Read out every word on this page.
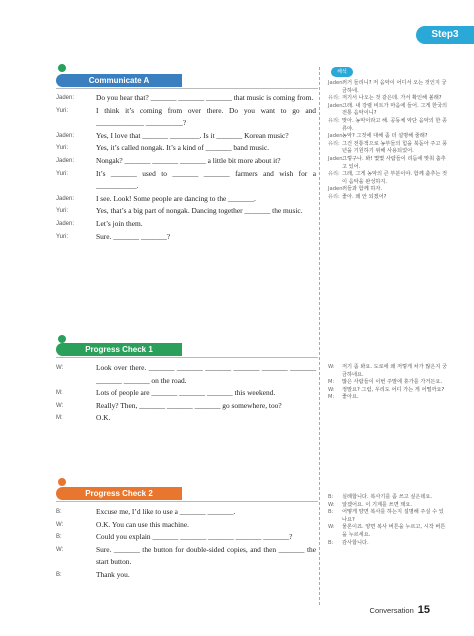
Step3
Communicate A
Jaden:	Do you hear that? _______ _______ _______ that music is coming from.
Yuri:	I think it’s coming from over there. Do you want to go and _____________ __________?
Jaden:	Yes, I love that _______ ________. Is it _______ Korean music?
Yuri:	Yes, it’s called nongak. It’s a kind of _______ band music.
Jaden:	Nongak? _______ _______ _______ a little bit more about it?
Yuri:	It’s _______ used to _______ _______ farmers and wish for a ___________.
Jaden:	I see. Look! Some people are dancing to the _______.
Yuri:	Yes, that’s a big part of nongak. Dancing together _______ the music.
Jaden:	Let’s join them.
Yuri:	Sure. _______ _______?
Progress Check 1
W:	Look over there. _______ _______ _______ _______ _______ _______ _______ _______ on the road.
M:	Lots of people are _______ _______ _______ this weekend.
W:	Really? Then, _______ _______ _______ go somewhere, too?
M:	O.K.
Progress Check 2
B:	Excuse me, I’d like to use a _______ _______.
W:	O.K. You can use this machine.
B:	Could you explain _______ _______ _______ _______ _______?
W:	Sure. _______ the button for double-sided copies, and then _______ the start button.
B:	Thank you.
해석
Jaden:
저거 들리니? 저 음악이 어디서 오는 것인지 궁금하네.
유리: 저기서 나오는 것 같은데. 가서 확인해 볼래?
Jaden:
그래. 내 강렬 비트가 마음에 들어. 그게 한국의 전통 음악이니?
유리: 맞아. 농악이라고 해. 공동체 악단 음악의 한 종류야.
Jaden:
농악? 그것에 대해 좀 더 설명해 줄래?
유리: 그건 전통적으로 농부들의 힘을 북돋아 주고 풍년을 기원하기 위해 사용되었어.
Jaden:
그렇구나. 봐! 몇몇 사람들이 리듬에 맞춰 춤추고 있어.
유리: 그래, 그게 농악의 큰 부분이야. 함께 춤추는 것이 음악을 완성하지.
Jaden:
저들과 함께 하자.
유리: 좋아. 왜 안 되겠어?
W: 저기 좀 봐요. 도로에 왜 저렇게 차가 많은지 궁금하네요.
M: 많은 사람들이 이번 주말에 휴가를 가거든요.
W: 정말요? 그럼, 우리도 어디 가는 게 어떨까요?
M: 좋아요.
B: 실례합니다. 복사기를 좀 쓰고 싶은데요.
W: 알겠어요. 이 기계를 쓰면 돼요.
B: 어떻게 양면 복사를 하는지 설명해 주실 수 있나요?
W: 물론이죠. 양면 복사 버튼을 누르고, 시작 버튼을 누르세요.
B: 감사합니다.
Conversation 15
